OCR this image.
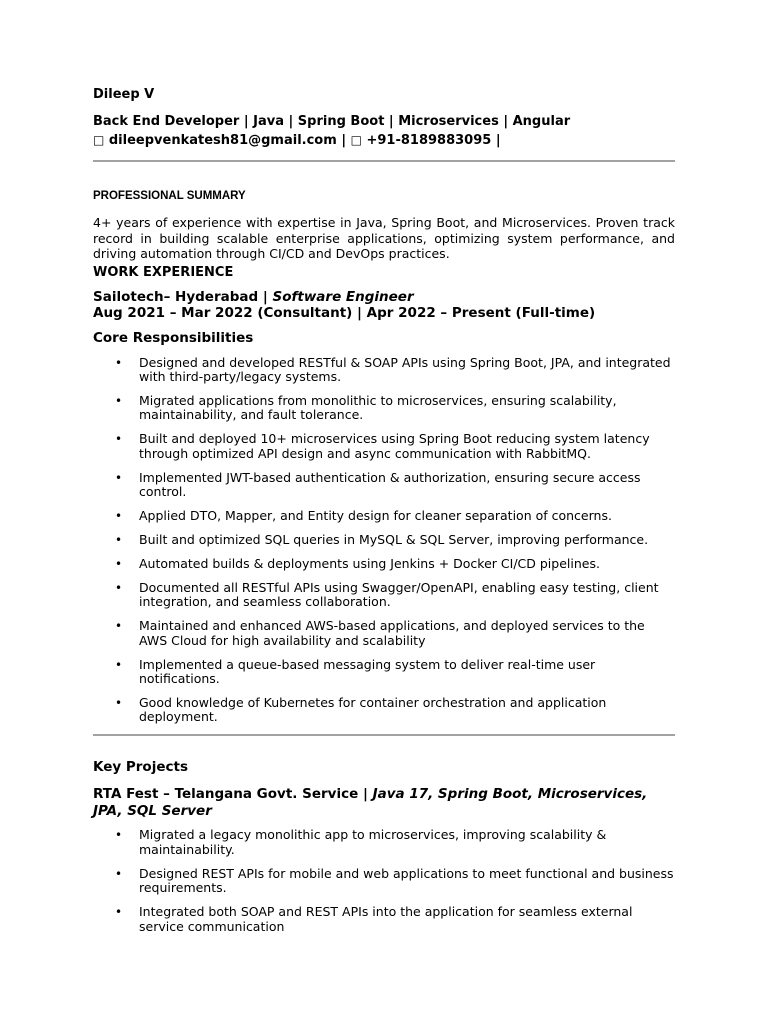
Dileep V

Back End Developer | Java | Spring Boot | Microservices | Angular

□ dileepvenkatesh81@gmail.com | □ +91-8189883095 |

PROFESSIONAL SUMMARY

4+ years of experience with expertise in Java, Spring Boot, and Microservices. Proven track record in building scalable enterprise applications, optimizing system performance, and driving automation through CI/CD and DevOps practices.

WORK EXPERIENCE

Sailotech– Hyderabad | Software Engineer

Aug 2021 – Mar 2022 (Consultant) | Apr 2022 – Present (Full-time)

Core Responsibilities

• Designed and developed RESTful & SOAP APIs using Spring Boot, JPA, and integrated with third-party/legacy systems.
• Migrated applications from monolithic to microservices, ensuring scalability, maintainability, and fault tolerance.
• Built and deployed 10+ microservices using Spring Boot reducing system latency through optimized API design and async communication with RabbitMQ.
• Implemented JWT-based authentication & authorization, ensuring secure access control.
• Applied DTO, Mapper, and Entity design for cleaner separation of concerns.
• Built and optimized SQL queries in MySQL & SQL Server, improving performance.
• Automated builds & deployments using Jenkins + Docker CI/CD pipelines.
• Documented all RESTful APIs using Swagger/OpenAPI, enabling easy testing, client integration, and seamless collaboration.
• Maintained and enhanced AWS-based applications, and deployed services to the AWS Cloud for high availability and scalability
• Implemented a queue-based messaging system to deliver real-time user notifications.
• Good knowledge of Kubernetes for container orchestration and application deployment.

Key Projects

RTA Fest – Telangana Govt. Service | Java 17, Spring Boot, Microservices, JPA, SQL Server

• Migrated a legacy monolithic app to microservices, improving scalability & maintainability.
• Designed REST APIs for mobile and web applications to meet functional and business requirements.
• Integrated both SOAP and REST APIs into the application for seamless external service communication
